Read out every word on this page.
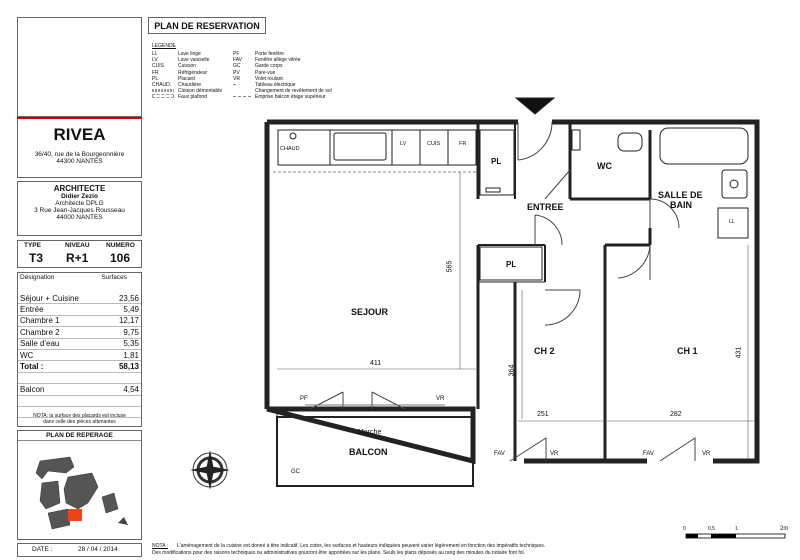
RIVEA
36/40, rue de la Bourgeonnière
44300 NANTES
ARCHITECTE
Didier Zezio
Architecte DPLG
3 Rue Jean-Jacques Rousseau
44000 NANTES
TYPE	NIVEAU	NUMERO
T3 R+1 106
Désignation	Surfaces
Séjour + Cuisine	23,56
Entrée	5,49
Chambre 1	12,17
Chambre 2	9,75
Salle d'eau	5,35
WC	1,81
Total :	58,13

Balcon	4,54

NOTA: la surface des placards est incluse
dans celle des pièces attenantes
PLAN DE REPERAGE
DATE :	28 / 04 / 2014
PLAN DE RESERVATION
LEGENDE
LL	Lave linge
LV	Lave vaisselle
CUIS	Cuisson
FR	Réfrigérateur
PL	Placard
CHAUD. Chaudière
Cloison démontable
Faux plafond
PF	Porte fenêtre
FAV	Fenêtre allège vitrée
GC	Garde corps
PV	Pare-vue
VR	Volet roulant
⌁	Tableau électrique
Changement de revêtement de sol
Emprise balcon étage supérieur
SEJOUR
ENTREE
WC
SALLE DE
BAIN
CH 2	CH 1
BALCON
Marche
PL
PL
CHAUD
LV	CUIS	FR
LL
PF	VR
FAV	VR	FAV	VR
GC
565
411
364
251	282
431
NOTA : L'aménagement de la cuisine est donné à titre indicatif. Les cotes, les surfaces et hauteurs indiquées peuvent varier légèrement en fonction des impératifs techniques.
Des modifications pour des raisons techniques ou administratives pourront être apportées sur les plans. Seuls les plans déposés au rang des minutes du notaire font foi.
0	0,5	1	2m
